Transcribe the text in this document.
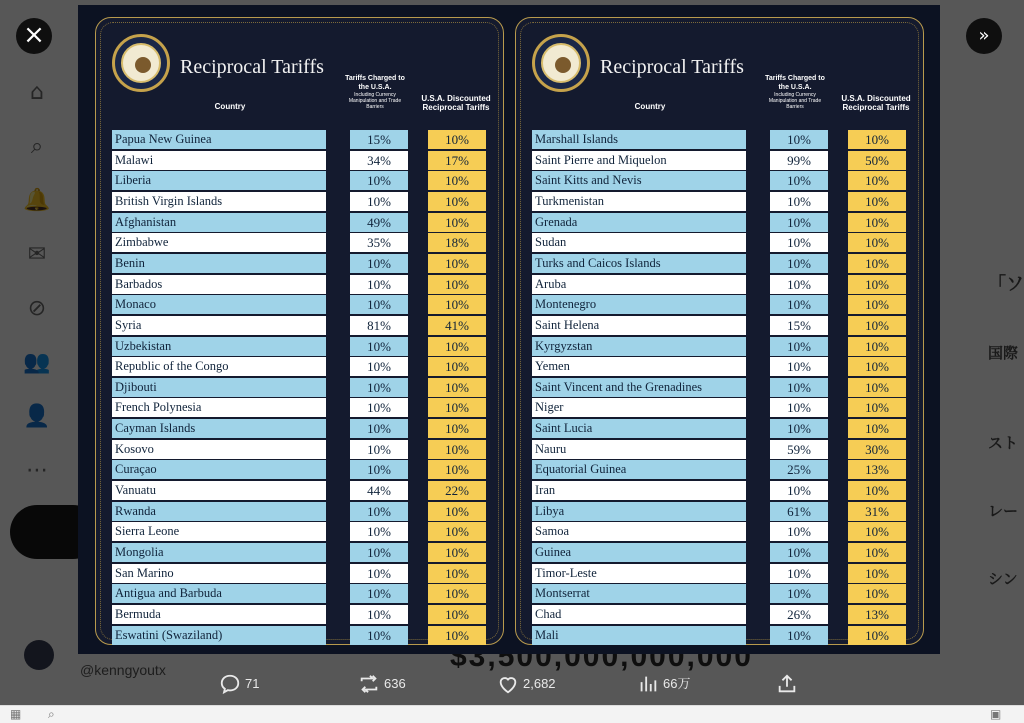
▦ ⌕	▣
×	»
Reciprocal Tariffs
Country
Tariffs Charged to the U.S.A.
Including Currency Manipulation and Trade Barriers
U.S.A. Discounted Reciprocal Tariffs
Papua New Guinea	15%	10%
Malawi	34%	17%
Liberia	10%	10%
British Virgin Islands	10%	10%
Afghanistan	49%	10%
Zimbabwe	35%	18%
Benin	10%	10%
Barbados	10%	10%
Monaco	10%	10%
Syria	81%	41%
Uzbekistan	10%	10%
Republic of the Congo	10%	10%
Djibouti	10%	10%
French Polynesia	10%	10%
Cayman Islands	10%	10%
Kosovo	10%	10%
Curaçao	10%	10%
Vanuatu	44%	22%
Rwanda	10%	10%
Sierra Leone	10%	10%
Mongolia	10%	10%
San Marino	10%	10%
Antigua and Barbuda	10%	10%
Bermuda	10%	10%
Eswatini (Swaziland)	10%	10%
Reciprocal Tariffs
Country
Tariffs Charged to the U.S.A.
Including Currency Manipulation and Trade Barriers
U.S.A. Discounted Reciprocal Tariffs
Marshall Islands	10%	10%
Saint Pierre and Miquelon	99%	50%
Saint Kitts and Nevis	10%	10%
Turkmenistan	10%	10%
Grenada	10%	10%
Sudan	10%	10%
Turks and Caicos Islands	10%	10%
Aruba	10%	10%
Montenegro	10%	10%
Saint Helena	15%	10%
Kyrgyzstan	10%	10%
Yemen	10%	10%
Saint Vincent and the Grenadines	10%	10%
Niger	10%	10%
Saint Lucia	10%	10%
Nauru	59%	30%
Equatorial Guinea	25%	13%
Iran	10%	10%
Libya	61%	31%
Samoa	10%	10%
Guinea	10%	10%
Timor-Leste	10%	10%
Montserrat	10%	10%
Chad	26%	13%
Mali	10%	10%
71	636	2,682	66万
